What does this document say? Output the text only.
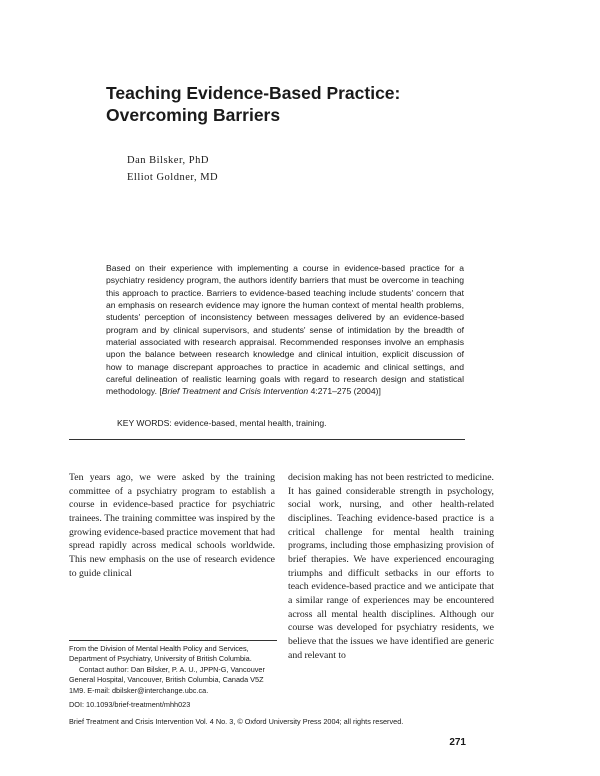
Teaching Evidence-Based Practice:
Overcoming Barriers
Dan Bilsker, PhD
Elliot Goldner, MD

Based on their experience with implementing a course in evidence-based practice for a psychiatry residency program, the authors identify barriers that must be overcome in teaching this approach to practice. Barriers to evidence-based teaching include students' concern that an emphasis on research evidence may ignore the human context of mental health problems, students' perception of inconsistency between messages delivered by an evidence-based program and by clinical supervisors, and students' sense of intimidation by the breadth of material associated with research appraisal. Recommended responses involve an emphasis upon the balance between research knowledge and clinical intuition, explicit discussion of how to manage discrepant approaches to practice in academic and clinical settings, and careful delineation of realistic learning goals with regard to research design and statistical methodology. [Brief Treatment and Crisis Intervention 4:271–275 (2004)]

KEY WORDS: evidence-based, mental health, training.

Ten years ago, we were asked by the training committee of a psychiatry program to establish a course in evidence-based practice for psychiatric trainees. The training committee was inspired by the growing evidence-based practice movement that had spread rapidly across medical schools worldwide. This new emphasis on the use of research evidence to guide clinical

decision making has not been restricted to medicine. It has gained considerable strength in psychology, social work, nursing, and other health-related disciplines. Teaching evidence-based practice is a critical challenge for mental health training programs, including those emphasizing provision of brief therapies. We have experienced encouraging triumphs and difficult setbacks in our efforts to teach evidence-based practice and we anticipate that a similar range of experiences may be encountered across all mental health disciplines. Although our course was developed for psychiatry residents, we believe that the issues we have identified are generic and relevant to

From the Division of Mental Health Policy and Services,

Department of Psychiatry, University of British Columbia.

Contact author: Dan Bilsker, P. A. U., JPPN-G, Vancouver

General Hospital, Vancouver, British Columbia, Canada V5Z

1M9. E-mail: dbilsker@interchange.ubc.ca.

DOI: 10.1093/brief-treatment/mhh023

Brief Treatment and Crisis Intervention Vol. 4 No. 3, © Oxford University Press 2004; all rights reserved.
271
